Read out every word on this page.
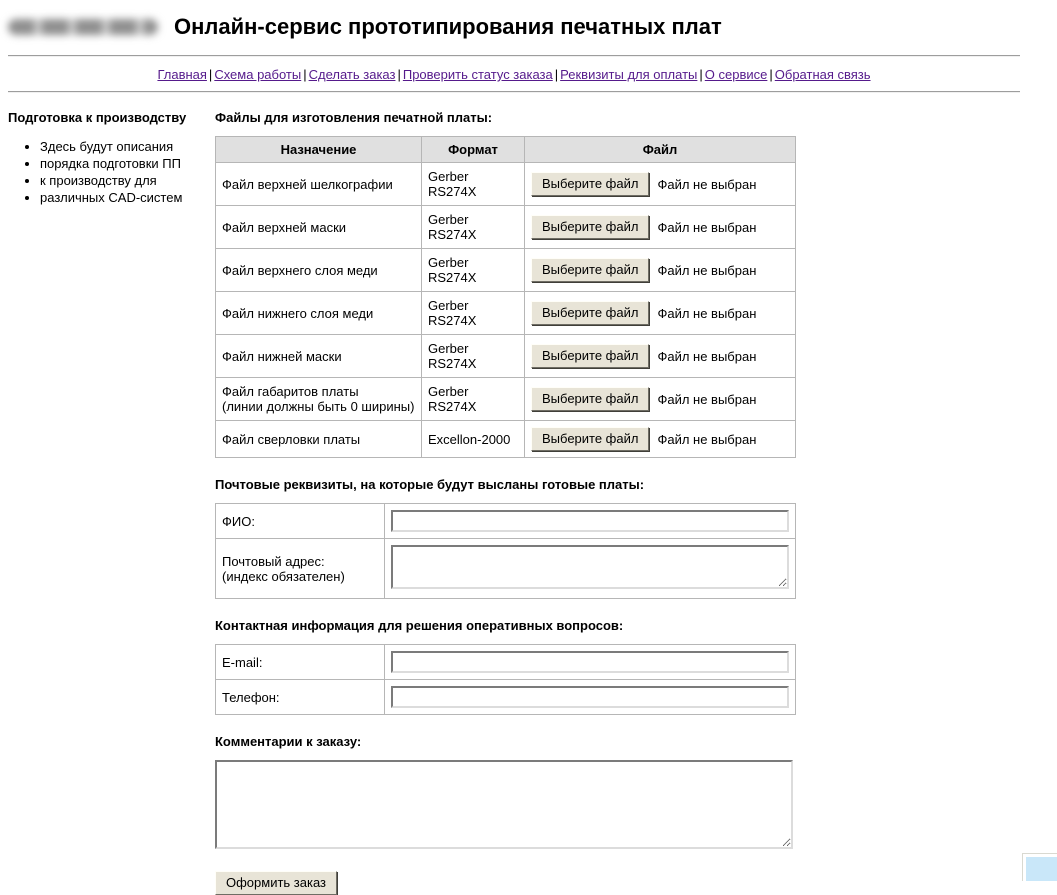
Онлайн-сервис прототипирования печатных плат
Главная | Схема работы | Сделать заказ | Проверить статус заказа | Реквизиты для оплаты | О сервисе | Обратная связь
Подготовка к производству
• Здесь будут описания
• порядка подготовки ПП
• к производству для
• различных CAD-систем
Файлы для изготовления печатной платы:
Назначение	Формат	Файл
Файл верхней шелкографии	Gerber RS274X	Выберите файл Файл не выбран

Файл верхней маски	Gerber RS274X	Выберите файл Файл не выбран

Файл верхнего слоя меди	Gerber RS274X	Выберите файл Файл не выбран

Файл нижнего слоя меди	Gerber RS274X	Выберите файл Файл не выбран

Файл нижней маски	Gerber RS274X	Выберите файл Файл не выбран

Файл габаритов платы
(линии должны быть 0 ширины)	Gerber RS274X	Выберите файл Файл не выбран

Файл сверловки платы	Excellon-2000	Выберите файл Файл не выбран
Почтовые реквизиты, на которые будут высланы готовые платы:
ФИО:	
Почтовый адрес:
(индекс обязателен)	
Контактная информация для решения оперативных вопросов:
E-mail:	
Телефон:	
Комментарии к заказу:
Оформить заказ
